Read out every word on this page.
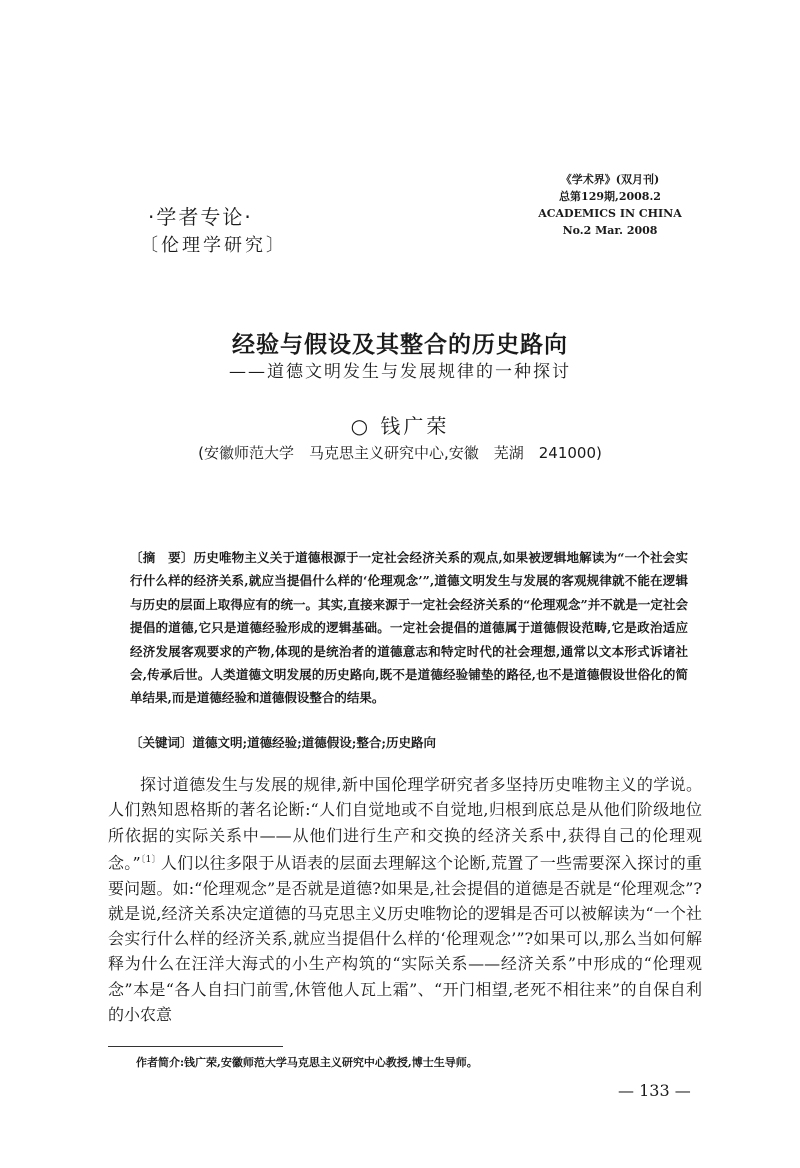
·学者专论·
〔伦理学研究〕
《学术界》(双月刊)
总第129期,2008.2
ACADEMICS IN CHINA
No.2 Mar. 2008
经验与假设及其整合的历史路向
——道德文明发生与发展规律的一种探讨
○ 钱广荣
(安徽师范大学　马克思主义研究中心,安徽　芜湖　241000)
〔摘　要〕历史唯物主义关于道德根源于一定社会经济关系的观点,如果被逻辑地解读为“一个社会实行什么样的经济关系,就应当提倡什么样的‘伦理观念’”,道德文明发生与发展的客观规律就不能在逻辑与历史的层面上取得应有的统一。其实,直接来源于一定社会经济关系的“伦理观念”并不就是一定社会提倡的道德,它只是道德经验形成的逻辑基础。一定社会提倡的道德属于道德假设范畴,它是政治适应经济发展客观要求的产物,体现的是统治者的道德意志和特定时代的社会理想,通常以文本形式诉诸社会,传承后世。人类道德文明发展的历史路向,既不是道德经验铺垫的路径,也不是道德假设世俗化的简单结果,而是道德经验和道德假设整合的结果。
〔关键词〕道德文明;道德经验;道德假设;整合;历史路向

探讨道德发生与发展的规律,新中国伦理学研究者多坚持历史唯物主义的学说。人们熟知恩格斯的著名论断:“人们自觉地或不自觉地,归根到底总是从他们阶级地位所依据的实际关系中——从他们进行生产和交换的经济关系中,获得自己的伦理观念。”$^{〔1〕}$人们以往多限于从语表的层面去理解这个论断,荒置了一些需要深入探讨的重要问题。如:“伦理观念”是否就是道德?如果是,社会提倡的道德是否就是“伦理观念”?就是说,经济关系决定道德的马克思主义历史唯物论的逻辑是否可以被解读为“一个社会实行什么样的经济关系,就应当提倡什么样的‘伦理观念’”?如果可以,那么当如何解释为什么在汪洋大海式的小生产构筑的“实际关系——经济关系”中形成的“伦理观念”本是“各人自扫门前雪,休管他人瓦上霜”、“开门相望,老死不相往来”的自保自利的小农意

作者简介:钱广荣,安徽师范大学马克思主义研究中心教授,博士生导师。
— 133 —
